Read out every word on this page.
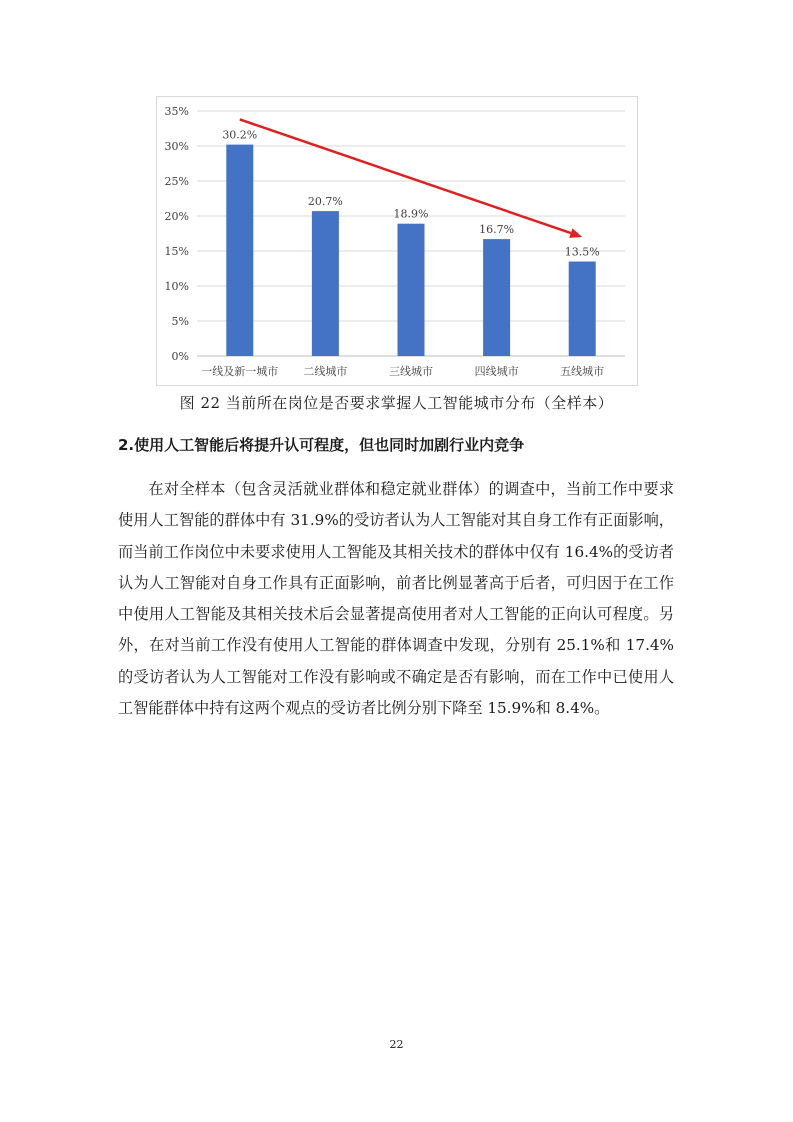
0%
5%
10%
15%
20%
25%
30%
35%
30.2%
一线及新一城市
20.7%
二线城市
18.9%
三线城市
16.7%
四线城市
13.5%
五线城市
图 22 当前所在岗位是否要求掌握人工智能城市分布（全样本）
2.使用人工智能后将提升认可程度，但也同时加剧行业内竞争

在对全样本（包含灵活就业群体和稳定就业群体）的调查中，当前工作中要求使用人工智能的群体中有 31.9%的受访者认为人工智能对其自身工作有正面影响，而当前工作岗位中未要求使用人工智能及其相关技术的群体中仅有 16.4%的受访者认为人工智能对自身工作具有正面影响，前者比例显著高于后者，可归因于在工作中使用人工智能及其相关技术后会显著提高使用者对人工智能的正向认可程度。另外，在对当前工作没有使用人工智能的群体调查中发现，分别有 25.1%和 17.4%的受访者认为人工智能对工作没有影响或不确定是否有影响，而在工作中已使用人工智能群体中持有这两个观点的受访者比例分别下降至 15.9%和 8.4%。

22
